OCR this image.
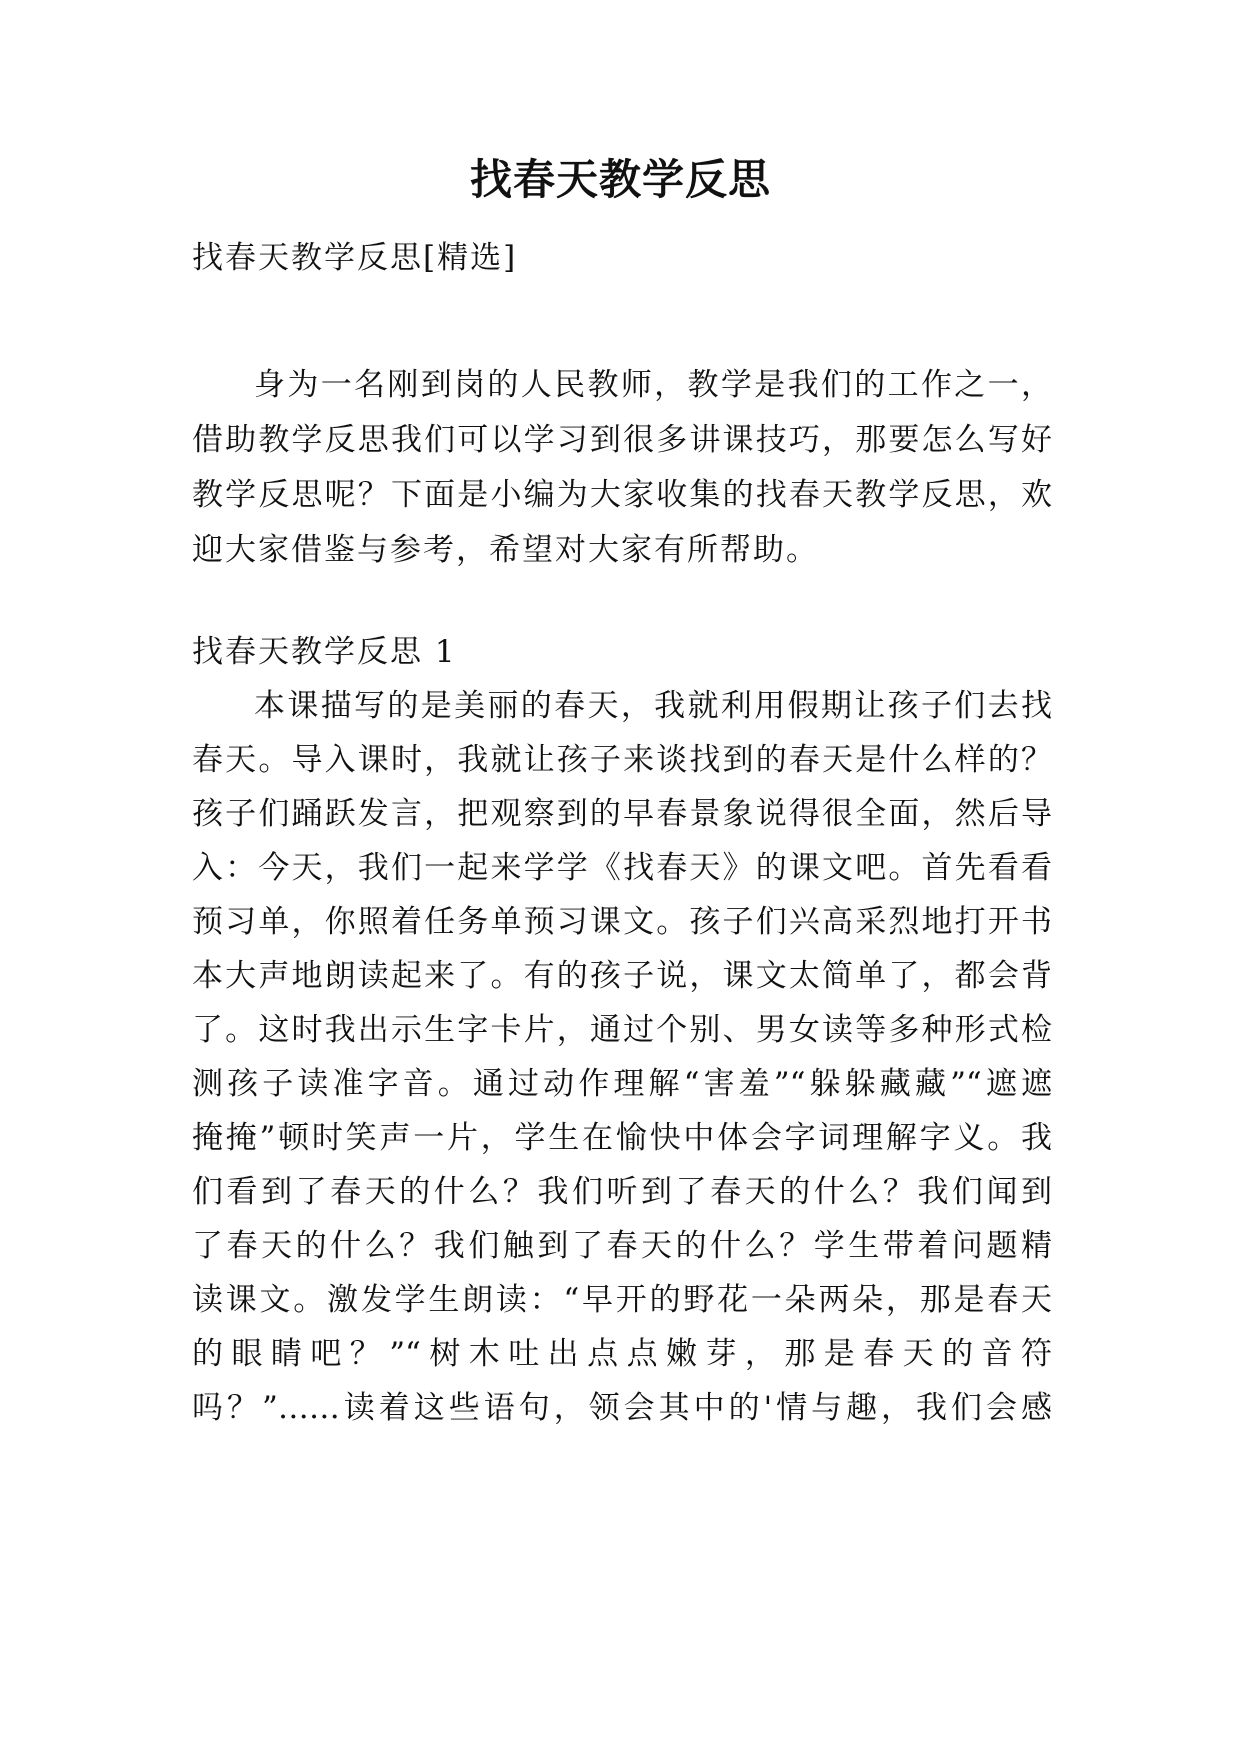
找春天教学反思
找春天教学反思[精选]
身为一名刚到岗的人民教师，教学是我们的工作之一，
借助教学反思我们可以学习到很多讲课技巧，那要怎么写好
教学反思呢？下面是小编为大家收集的找春天教学反思，欢
迎大家借鉴与参考，希望对大家有所帮助。
找春天教学反思 1
本课描写的是美丽的春天，我就利用假期让孩子们去找
春天。导入课时，我就让孩子来谈找到的春天是什么样的？
孩子们踊跃发言，把观察到的早春景象说得很全面，然后导
入：今天，我们一起来学学《找春天》的课文吧。首先看看
预习单，你照着任务单预习课文。孩子们兴高采烈地打开书
本大声地朗读起来了。有的孩子说，课文太简单了，都会背
了。这时我出示生字卡片，通过个别、男女读等多种形式检
测孩子读准字音。通过动作理解“害羞”“躲躲藏藏”“遮遮
掩掩”顿时笑声一片，学生在愉快中体会字词理解字义。我
们看到了春天的什么？我们听到了春天的什么？我们闻到
了春天的什么？我们触到了春天的什么？学生带着问题精
读课文。激发学生朗读：“早开的野花一朵两朵，那是春天
的眼睛吧？”“树木吐出点点嫩芽，那是春天的音符
吗？”……读着这些语句，领会其中的'情与趣，我们会感
